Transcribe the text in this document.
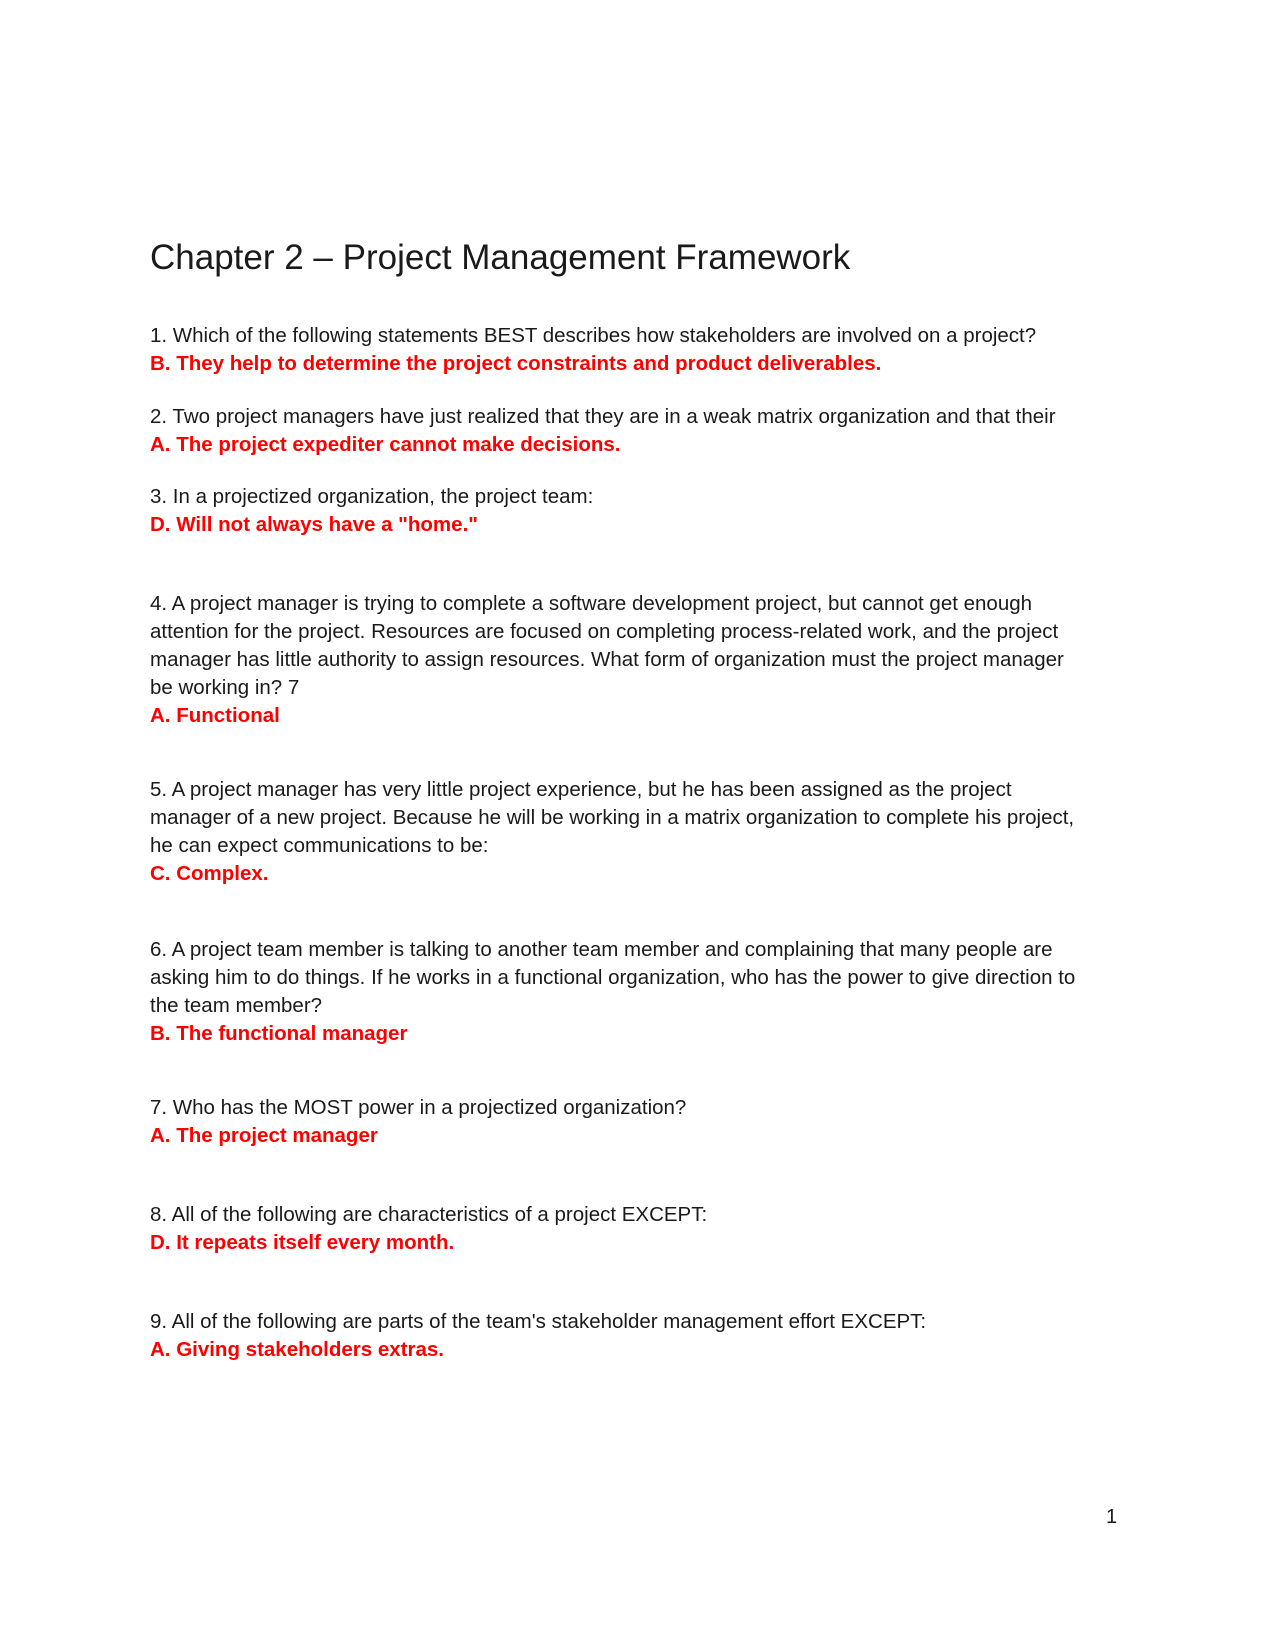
Chapter 2 – Project Management Framework

1. Which of the following statements BEST describes how stakeholders are involved on a project?

B. They help to determine the project constraints and product deliverables.

2. Two project managers have just realized that they are in a weak matrix organization and that their

A. The project expediter cannot make decisions.

3. In a projectized organization, the project team:

D. Will not always have a "home."

4. A project manager is trying to complete a software development project, but cannot get enough attention for the project. Resources are focused on completing process-related work, and the project manager has little authority to assign resources. What form of organization must the project manager be working in? 7

A. Functional

5. A project manager has very little project experience, but he has been assigned as the project manager of a new project. Because he will be working in a matrix organization to complete his project, he can expect communications to be:

C. Complex.

6. A project team member is talking to another team member and complaining that many people are asking him to do things. If he works in a functional organization, who has the power to give direction to the team member?

B. The functional manager

7. Who has the MOST power in a projectized organization?

A. The project manager

8. All of the following are characteristics of a project EXCEPT:

D. It repeats itself every month.

9. All of the following are parts of the team's stakeholder management effort EXCEPT:

A. Giving stakeholders extras.

1
